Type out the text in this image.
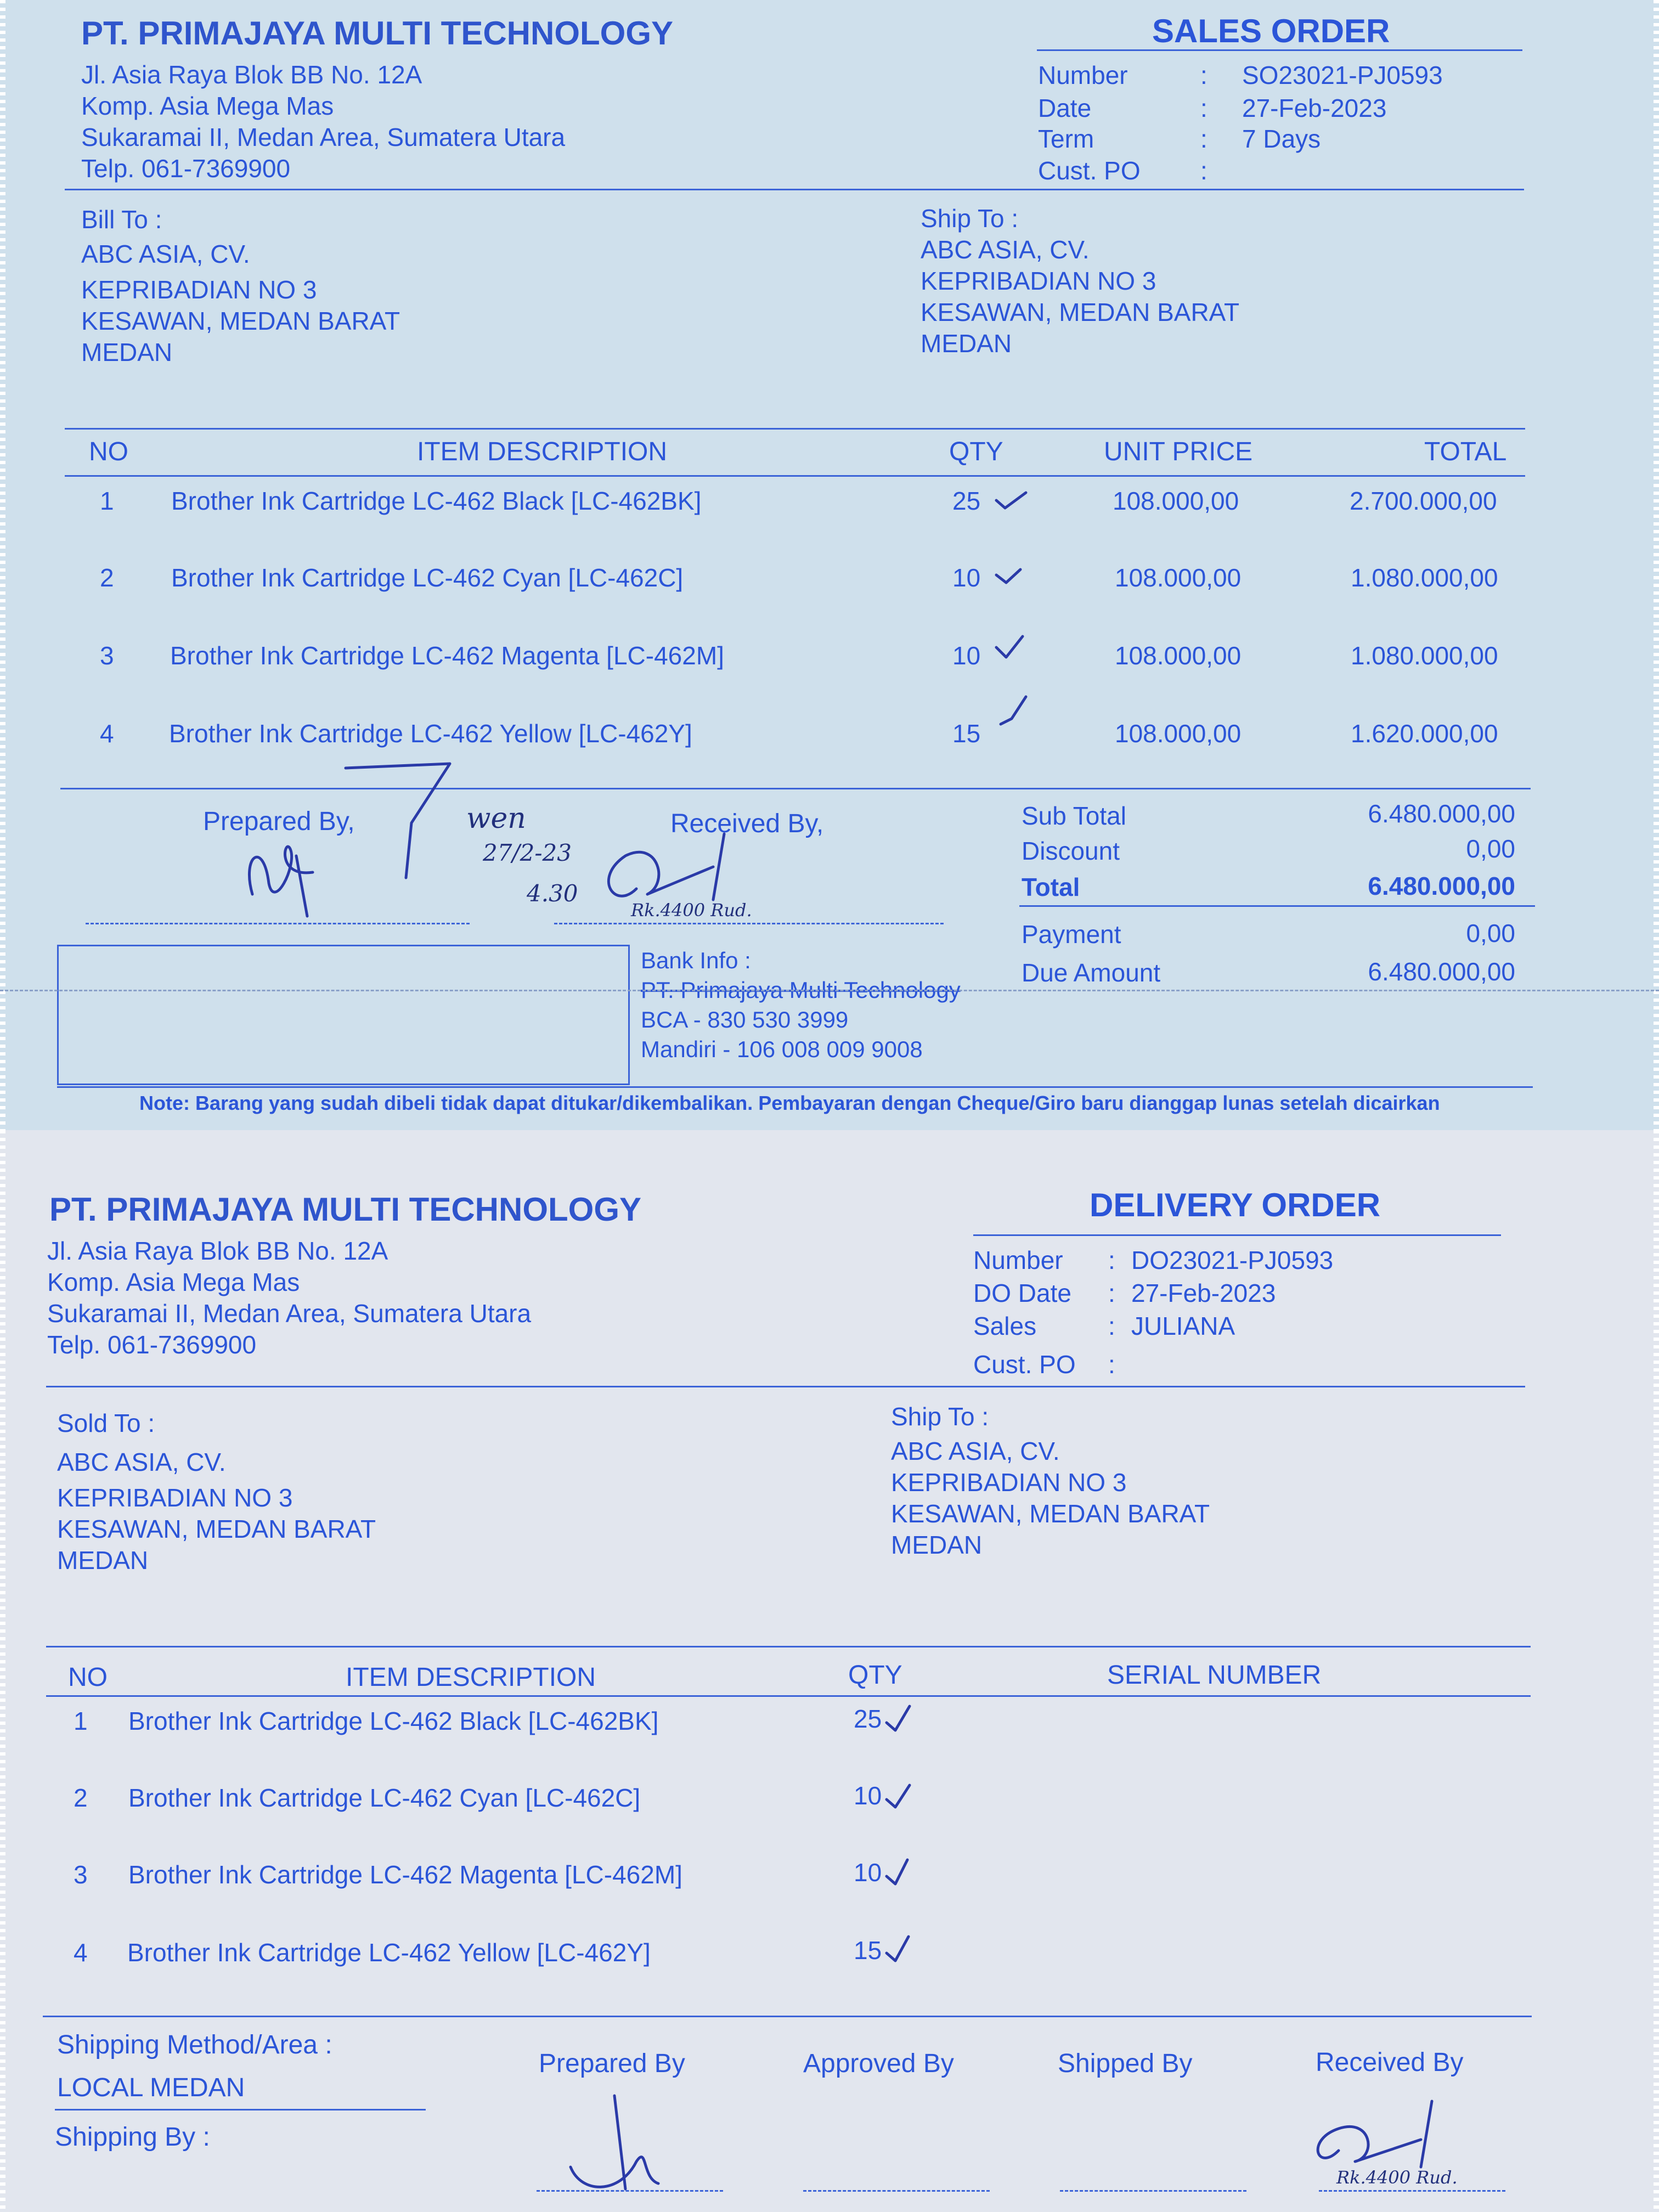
PT. PRIMAJAYA MULTI TECHNOLOGY
Jl. Asia Raya Blok BB No. 12A
Komp. Asia Mega Mas
Sukaramai II, Medan Area, Sumatera Utara
Telp. 061-7369900
SALES ORDER
Number	: SO23021-PJ0593
Date	: 27-Feb-2023
Term	: 7 Days
Cust. PO :
Bill To :
ABC ASIA, CV.
KEPRIBADIAN NO 3
KESAWAN, MEDAN BARAT
MEDAN
Ship To :
ABC ASIA, CV.
KEPRIBADIAN NO 3
KESAWAN, MEDAN BARAT
MEDAN
NO	ITEM DESCRIPTION	QTY	UNIT PRICE	TOTAL
1 Brother Ink Cartridge LC-462 Black [LC-462BK]	25	108.000,00	2.700.000,00
2 Brother Ink Cartridge LC-462 Cyan [LC-462C]	10	108.000,00	1.080.000,00
3 Brother Ink Cartridge LC-462 Magenta [LC-462M]	10	108.000,00	1.080.000,00
4 Brother Ink Cartridge LC-462 Yellow [LC-462Y]	15	108.000,00	1.620.000,00
Prepared By,	Received By,
wen
27/2-23
4.30
Rk.4400 Rud.
Sub Total	6.480.000,00
Discount	0,00
Total	6.480.000,00
Payment	0,00
Due Amount	6.480.000,00
Bank Info :
PT. Primajaya Multi Technology
BCA - 830 530 3999
Mandiri - 106 008 009 9008
Note: Barang yang sudah dibeli tidak dapat ditukar/dikembalikan. Pembayaran dengan Cheque/Giro baru dianggap lunas setelah dicairkan
PT. PRIMAJAYA MULTI TECHNOLOGY
Jl. Asia Raya Blok BB No. 12A
Komp. Asia Mega Mas
Sukaramai II, Medan Area, Sumatera Utara
Telp. 061-7369900
DELIVERY ORDER
Number : DO23021-PJ0593
DO Date : 27-Feb-2023
Sales	: JULIANA
Cust. PO :
Sold To :
ABC ASIA, CV.
KEPRIBADIAN NO 3
KESAWAN, MEDAN BARAT
MEDAN
Ship To :
ABC ASIA, CV.
KEPRIBADIAN NO 3
KESAWAN, MEDAN BARAT
MEDAN
NO	ITEM DESCRIPTION	QTY	SERIAL NUMBER
1 Brother Ink Cartridge LC-462 Black [LC-462BK]	25
2 Brother Ink Cartridge LC-462 Cyan [LC-462C]	10
3 Brother Ink Cartridge LC-462 Magenta [LC-462M]	10
4 Brother Ink Cartridge LC-462 Yellow [LC-462Y]	15
Shipping Method/Area :
LOCAL MEDAN
Shipping By :
Prepared By	Approved By	Shipped By	Received By
Rk.4400 Rud.
